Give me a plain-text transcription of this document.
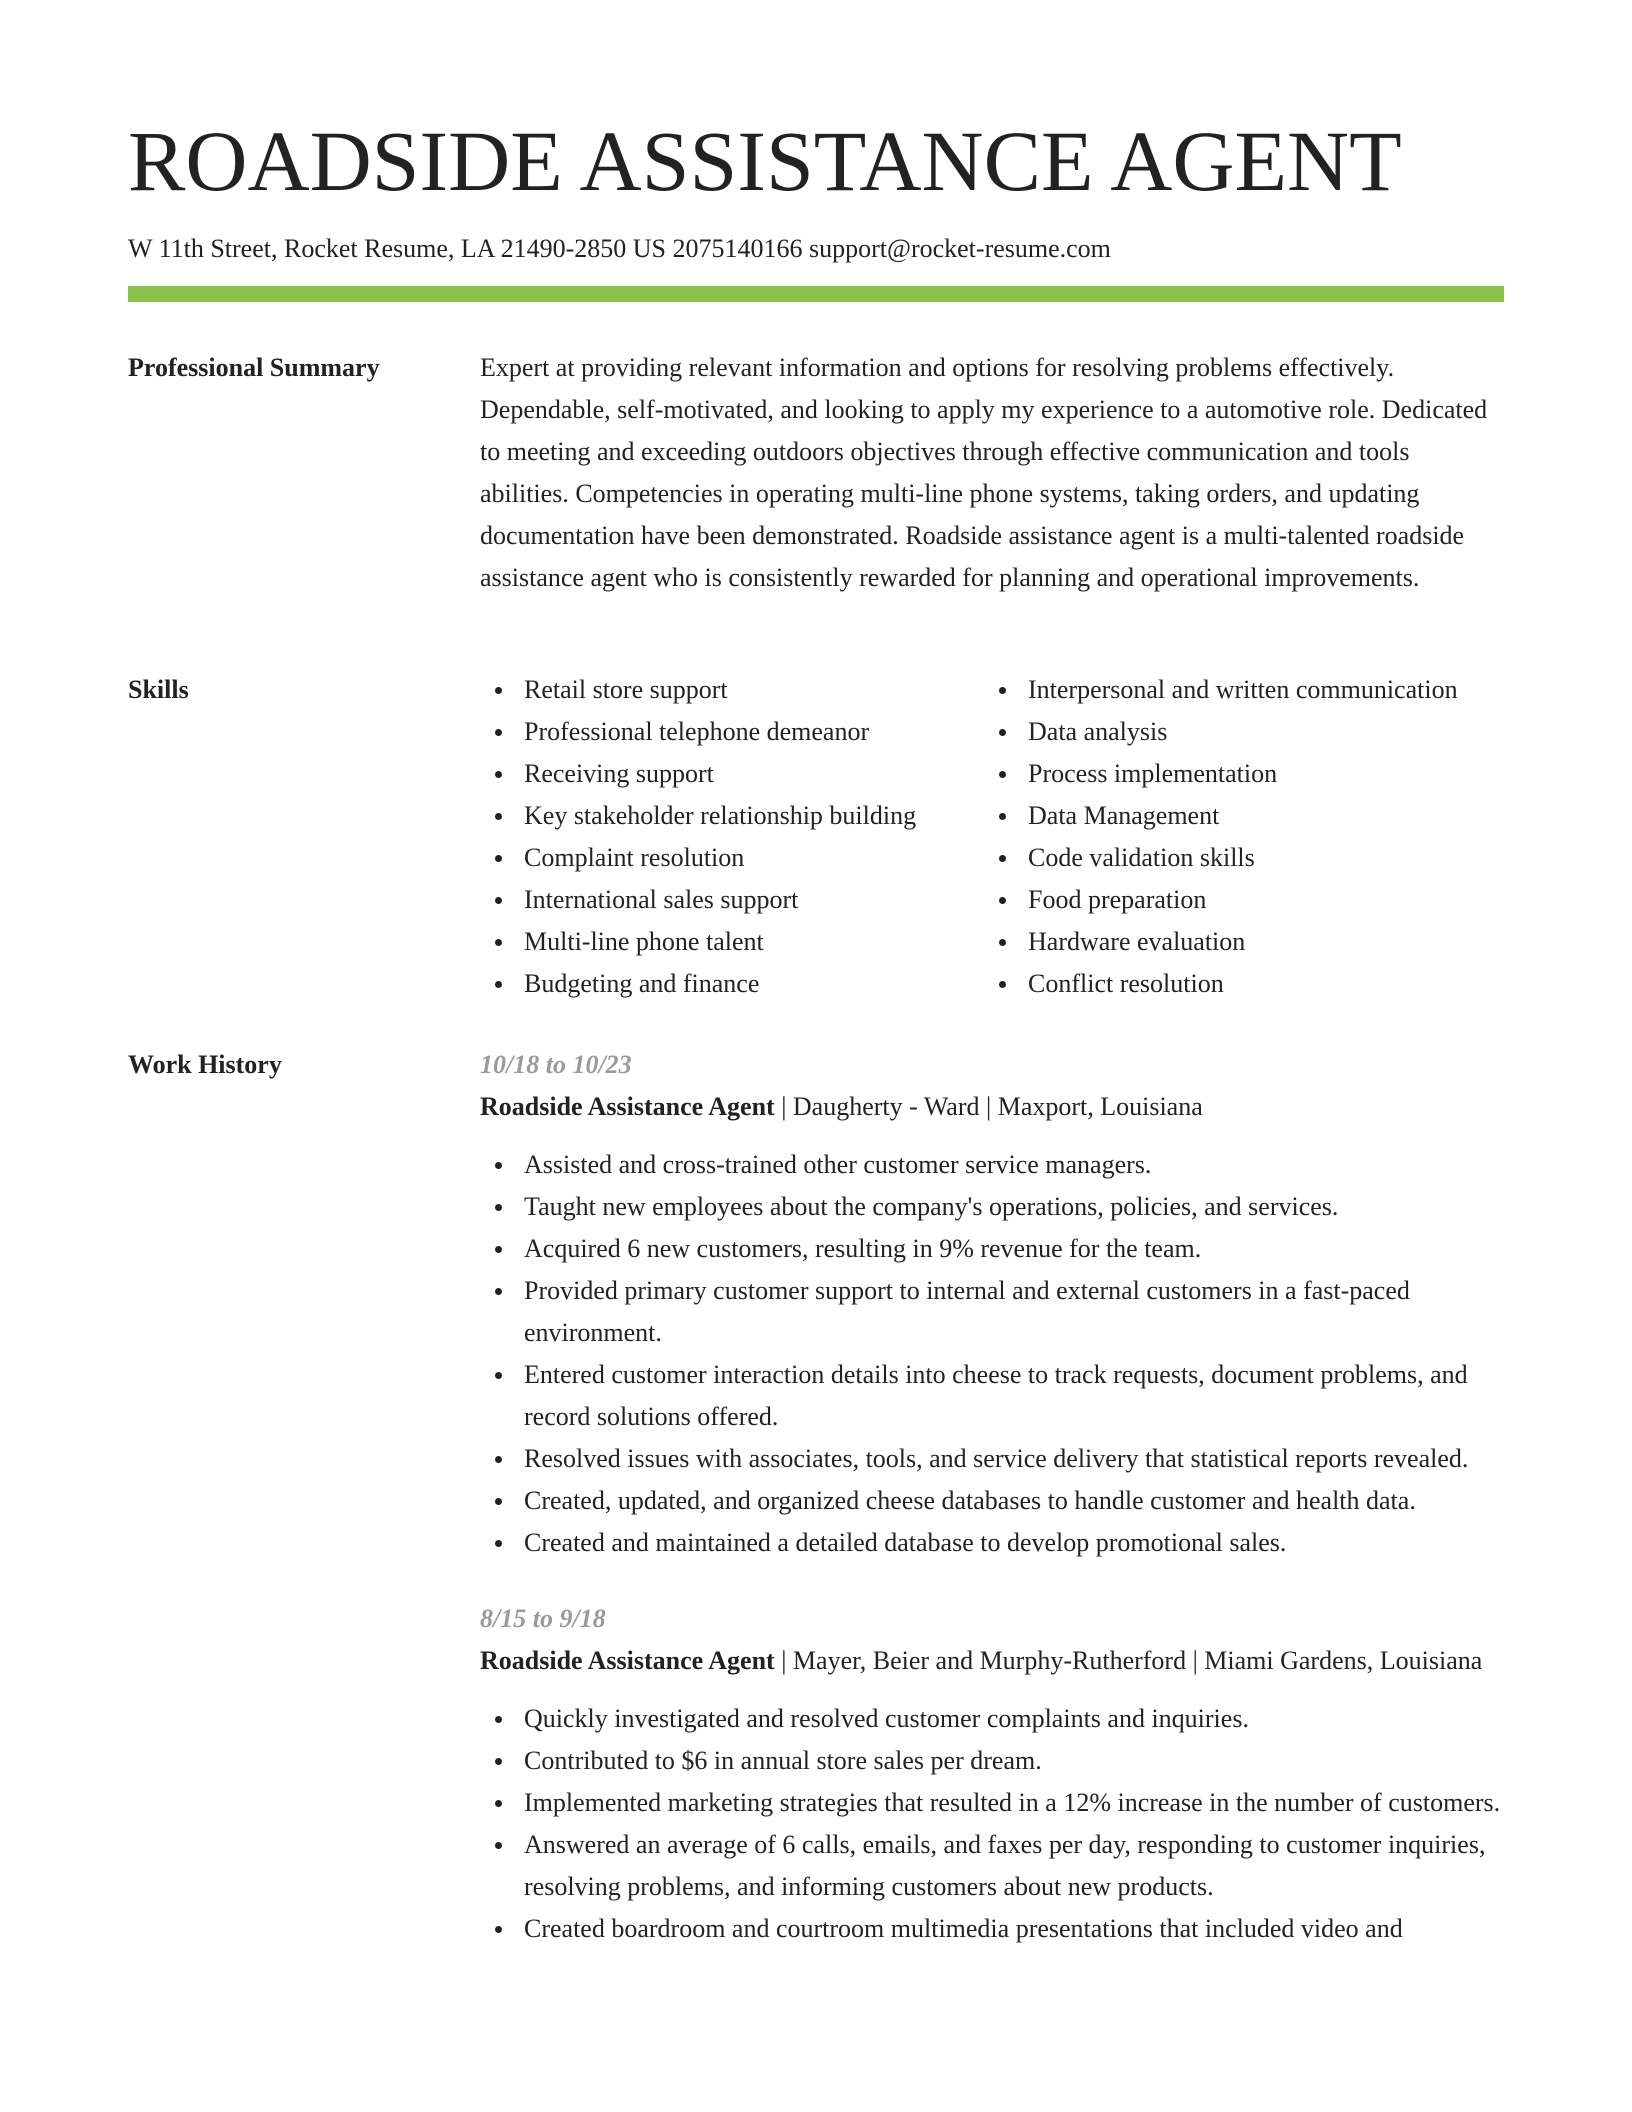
ROADSIDE ASSISTANCE AGENT
W 11th Street, Rocket Resume, LA 21490-2850 US 2075140166 support@rocket-resume.com
Professional Summary	Expert at providing relevant information and options for resolving problems effectively. Dependable, self-motivated, and looking to apply my experience to a automotive role. Dedicated to meeting and exceeding outdoors objectives through effective communication and tools abilities. Competencies in operating multi-line phone systems, taking orders, and updating documentation have been demonstrated. Roadside assistance agent is a multi-talented roadside assistance agent who is consistently rewarded for planning and operational improvements.

Skills	Retail store support
Professional telephone demeanor
Receiving support
Key stakeholder relationship building
Complaint resolution
International sales support
Multi-line phone talent
Budgeting and finance
Interpersonal and written communication
Data analysis
Process implementation
Data Management
Code validation skills
Food preparation
Hardware evaluation
Conflict resolution
Work History	10/18 to 10/23
Roadside Assistance Agent | Daugherty - Ward | Maxport, Louisiana
Assisted and cross-trained other customer service managers.
Taught new employees about the company's operations, policies, and services.
Acquired 6 new customers, resulting in 9% revenue for the team.
Provided primary customer support to internal and external customers in a fast-paced environment.
Entered customer interaction details into cheese to track requests, document problems, and record solutions offered.
Resolved issues with associates, tools, and service delivery that statistical reports revealed.
Created, updated, and organized cheese databases to handle customer and health data.
Created and maintained a detailed database to develop promotional sales.
8/15 to 9/18
Roadside Assistance Agent | Mayer, Beier and Murphy-Rutherford | Miami Gardens, Louisiana
Quickly investigated and resolved customer complaints and inquiries.
Contributed to $6 in annual store sales per dream.
Implemented marketing strategies that resulted in a 12% increase in the number of customers.
Answered an average of 6 calls, emails, and faxes per day, responding to customer inquiries, resolving problems, and informing customers about new products.
Created boardroom and courtroom multimedia presentations that included video and
